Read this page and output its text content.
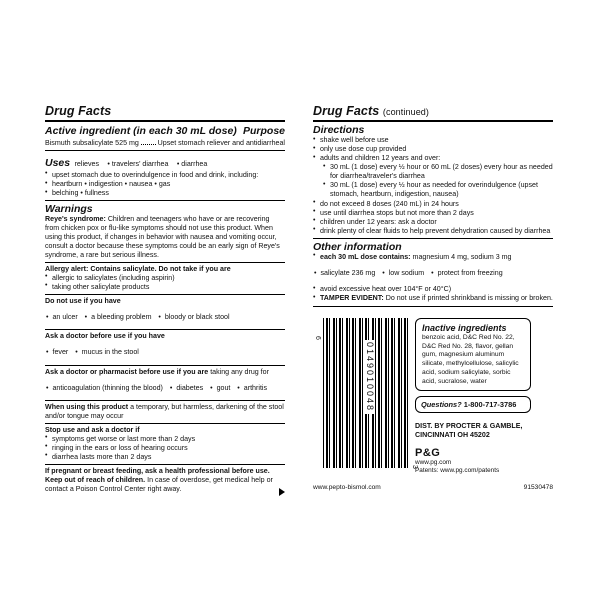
Drug Facts
Active ingredient (in each 30 mL dose) Purpose
Bismuth subsalicylate 525 mg	Upset stomach reliever and antidiarrheal
Uses relieves   • travelers' diarrhea   • diarrhea
• upset stomach due to overindulgence in food and drink, including:
• heartburn • indigestion • nausea • gas
• belching • fullness
Warnings

Reye's syndrome: Children and teenagers who have or are recovering from chicken pox or flu-like symptoms should not use this product. When using this product, if changes in behavior with nausea and vomiting occur, consult a doctor because these symptoms could be an early sign of Reye's syndrome, a rare but serious illness.

Allergy alert: Contains salicylate. Do not take if you are

• allergic to salicylates (including aspirin)
• taking other salicylate products

Do not use if you have

• an ulcer • a bleeding problem • bloody or black stool

Ask a doctor before use if you have

• fever • mucus in the stool

Ask a doctor or pharmacist before use if you are taking any drug for

• anticoagulation (thinning the blood) • diabetes • gout • arthritis

When using this product a temporary, but harmless, darkening of the stool and/or tongue may occur

Stop use and ask a doctor if

• symptoms get worse or last more than 2 days
• ringing in the ears or loss of hearing occurs
• diarrhea lasts more than 2 days

If pregnant or breast feeding, ask a health professional before use.

Keep out of reach of children. In case of overdose, get medical help or contact a Poison Control Center right away.

Drug Facts (continued)
Directions
• shake well before use
• only use dose cup provided
• adults and children 12 years and over:
• 30 mL (1 dose) every ½ hour or 60 mL (2 doses) every hour as needed for diarrhea/traveler's diarrhea
• 30 mL (1 dose) every ½ hour as needed for overindulgence (upset stomach, heartburn, indigestion, nausea)
• do not exceed 8 doses (240 mL) in 24 hours
• use until diarrhea stops but not more than 2 days
• children under 12 years: ask a doctor
• drink plenty of clear fluids to help prevent dehydration caused by diarrhea
Other information
• each 30 mL dose contains: magnesium 4 mg, sodium 3 mg

• salicylate 236 mg • low sodium • protect from freezing

• avoid excessive heat over 104°F or 40°C)
• TAMPER EVIDENT: Do not use if printed shrinkband is missing or broken.
0149010048
6
3
Inactive ingredients

benzoic acid, D&C Red No. 22, D&C Red No. 28, flavor, gellan gum, magnesium aluminum silicate, methylcellulose, salicylic acid, sodium salicylate, sorbic acid, sucralose, water

Questions? 1-800-717-3786
DIST. BY PROCTER & GAMBLE, CINCINNATI OH 45202
P&G
www.pg.com
Patents: www.pg.com/patents
www.pepto-bismol.com	91530478
